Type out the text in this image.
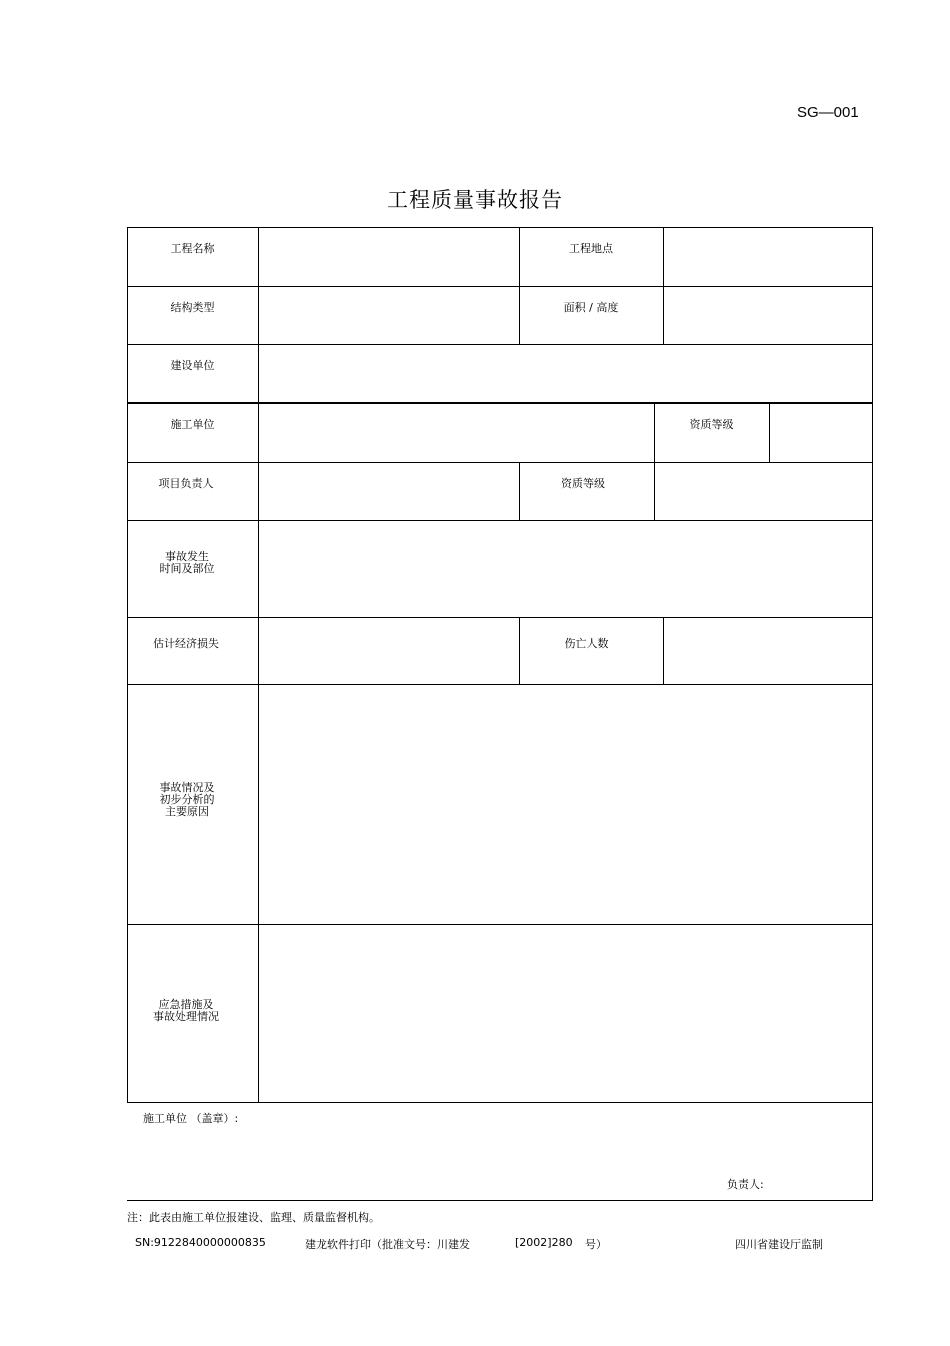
SG—001
工程质量事故报告
工程名称	工程地点
结构类型	面积 / 高度
建设单位
施工单位	资质等级
项目负责人	资质等级
事故发生
时间及部位
估计经济损失	伤亡人数
事故情况及
初步分析的
主要原因
应急措施及
事故处理情况
施工单位 （盖章）:
负责人:
注：此表由施工单位报建设、监理、质量监督机构。
SN:9122840000000835	建龙软件打印（批准文号：川建发	[2002]280 号）	四川省建设厅监制
